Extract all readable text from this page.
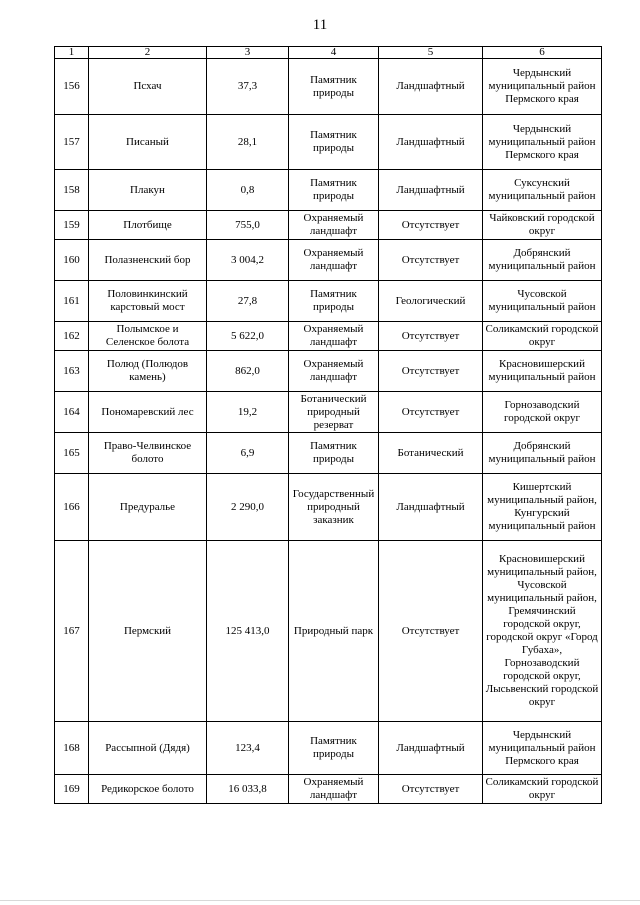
11
1	2	3	4	5	6
156	Псхач	37,3	Памятник природы	Ландшафтный	Чердынский муниципальный район Пермского края
157	Писаный	28,1	Памятник природы	Ландшафтный	Чердынский муниципальный район Пермского края
158	Плакун	0,8	Памятник природы	Ландшафтный	Суксунский муниципальный район
159	Плотбище	755,0	Охраняемый ландшафт	Отсутствует	Чайковский городской округ
160	Полазненский бор	3 004,2	Охраняемый ландшафт	Отсутствует	Добрянский муниципальный район
161	Половинкинский карстовый мост	27,8	Памятник природы	Геологический	Чусовской муниципальный район
162	Полымское и Селенское болота	5 622,0	Охраняемый ландшафт	Отсутствует	Соликамский городской округ
163	Полюд (Полюдов камень)	862,0	Охраняемый ландшафт	Отсутствует	Красновишерский муниципальный район
164	Пономаревский лес	19,2	Ботанический природный резерват	Отсутствует	Горнозаводский городской округ
165	Право-Челвинское болото	6,9	Памятник природы	Ботанический	Добрянский муниципальный район
166	Предуралье	2 290,0	Государственный природный заказник	Ландшафтный	Кишертский муниципальный район, Кунгурский муниципальный район
167	Пермский	125 413,0	Природный парк	Отсутствует	Красновишерский муниципальный район, Чусовской муниципальный район, Гремячинский городской округ, городской округ «Город Губаха», Горнозаводский городской округ, Лысьвенский городской округ
168	Рассыпной (Дядя)	123,4	Памятник природы	Ландшафтный	Чердынский муниципальный район Пермского края
169	Редикорское болото	16 033,8	Охраняемый ландшафт	Отсутствует	Соликамский городской округ
